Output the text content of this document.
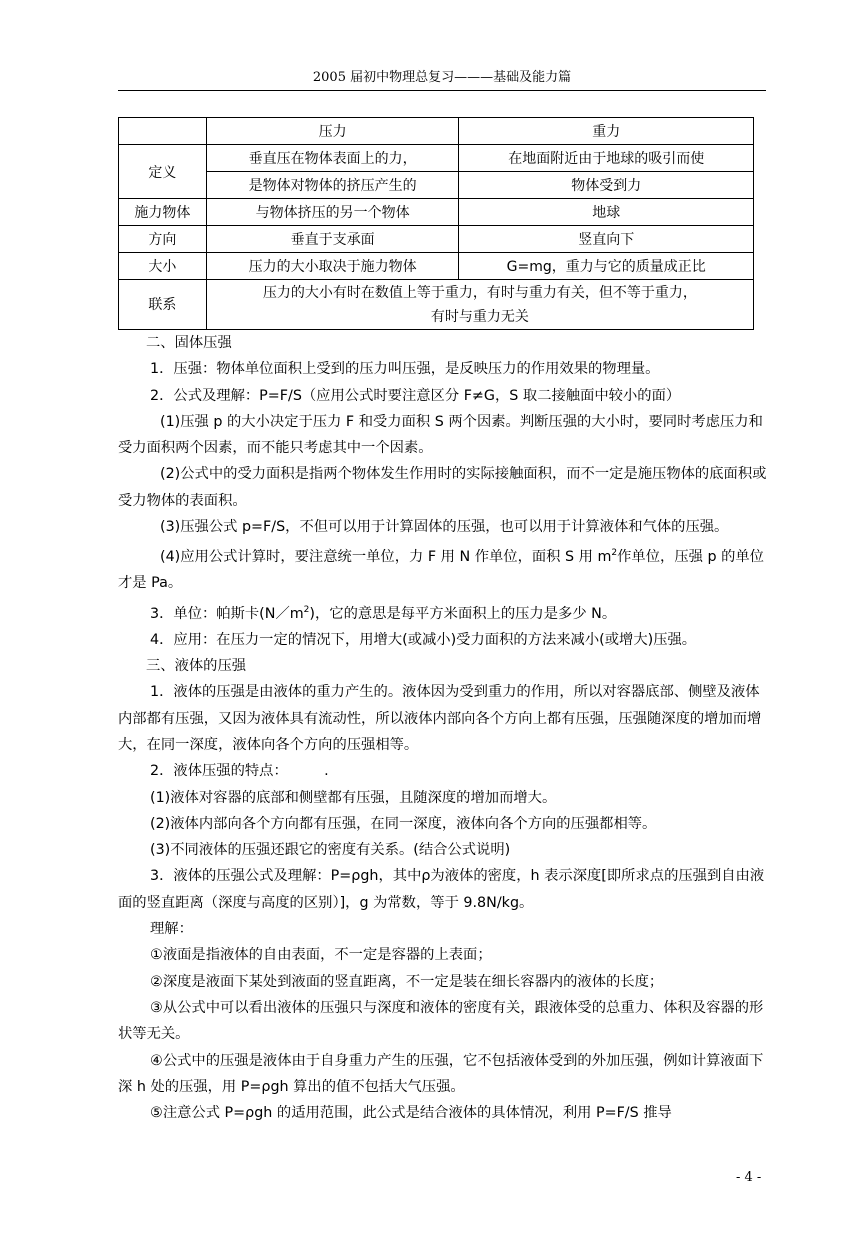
2005 届初中物理总复习———基础及能力篇
	压力	重力
定义	垂直压在物体表面上的力，	在地面附近由于地球的吸引而使
	是物体对物体的挤压产生的	物体受到力
施力物体	与物体挤压的另一个物体	地球
方向	垂直于支承面	竖直向下
大小	压力的大小取决于施力物体	G=mg，重力与它的质量成正比
联系	压力的大小有时在数值上等于重力，有时与重力有关，但不等于重力，
有时与重力无关	

二、固体压强

1．压强：物体单位面积上受到的压力叫压强，是反映压力的作用效果的物理量。

2．公式及理解：P=F/S（应用公式时要注意区分 F≠G，S 取二接触面中较小的面）

(1)压强 p 的大小决定于压力 F 和受力面积 S 两个因素。判断压强的大小时，要同时考虑压力和受力面积两个因素，而不能只考虑其中一个因素。

(2)公式中的受力面积是指两个物体发生作用时的实际接触面积，而不一定是施压物体的底面积或受力物体的表面积。

(3)压强公式 p=F/S，不但可以用于计算固体的压强，也可以用于计算液体和气体的压强。

(4)应用公式计算时，要注意统一单位，力 F 用 N 作单位，面积 S 用 $m^2$作单位，压强 p 的单位才是 Pa。

3．单位：帕斯卡$(N/m^2)$，它的意思是每平方米面积上的压力是多少 N。

4．应用：在压力一定的情况下，用增大(或减小)受力面积的方法来减小(或增大)压强。

三、液体的压强

1．液体的压强是由液体的重力产生的。液体因为受到重力的作用，所以对容器底部、侧壁及液体内部都有压强，又因为液体具有流动性，所以液体内部向各个方向上都有压强，压强随深度的增加而增大，在同一深度，液体向各个方向的压强相等。

2．液体压强的特点：        .

(1)液体对容器的底部和侧壁都有压强，且随深度的增加而增大。

(2)液体内部向各个方向都有压强，在同一深度，液体向各个方向的压强都相等。

(3)不同液体的压强还跟它的密度有关系。(结合公式说明)

3．液体的压强公式及理解：P=ρgh，其中ρ为液体的密度，h 表示深度[即所求点的压强到自由液面的竖直距离（深度与高度的区别）]，g 为常数，等于 9.8N/kg。

理解：

①液面是指液体的自由表面，不一定是容器的上表面；

②深度是液面下某处到液面的竖直距离，不一定是装在细长容器内的液体的长度；

③从公式中可以看出液体的压强只与深度和液体的密度有关，跟液体受的总重力、体积及容器的形状等无关。

④公式中的压强是液体由于自身重力产生的压强，它不包括液体受到的外加压强，例如计算液面下深 h 处的压强，用 P=ρgh 算出的值不包括大气压强。

⑤注意公式 P=ρgh 的适用范围，此公式是结合液体的具体情况，利用 P=F/S 推导

- 4 -
